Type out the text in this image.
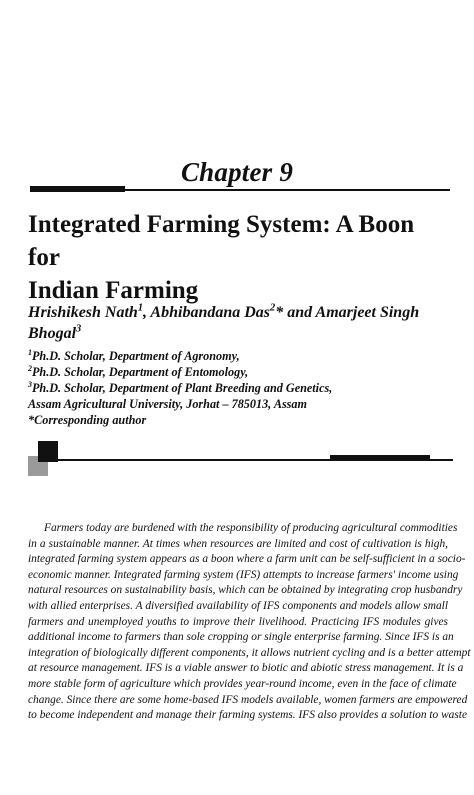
Chapter 9
Integrated Farming System: A Boon for
Indian Farming
Hrishikesh Nath$^1$, Abhibandana Das$^2$* and Amarjeet Singh
Bhogal$^3$
$^1$Ph.D. Scholar, Department of Agronomy,
$^2$Ph.D. Scholar, Department of Entomology,
$^3$Ph.D. Scholar, Department of Plant Breeding and Genetics,
Assam Agricultural University, Jorhat – 785013, Assam
*Corresponding author
Farmers today are burdened with the responsibility of producing agricultural commodities
in a sustainable manner. At times when resources are limited and cost of cultivation is high,
integrated farming system appears as a boon where a farm unit can be self-sufficient in a socio-
economic manner. Integrated farming system (IFS) attempts to increase farmers' income using
natural resources on sustainability basis, which can be obtained by integrating crop husbandry
with allied enterprises. A diversified availability of IFS components and models allow small
farmers and unemployed youths to improve their livelihood. Practicing IFS modules gives
additional income to farmers than sole cropping or single enterprise farming. Since IFS is an
integration of biologically different components, it allows nutrient cycling and is a better attempt
at resource management. IFS is a viable answer to biotic and abiotic stress management. It is a
more stable form of agriculture which provides year-round income, even in the face of climate
change. Since there are some home-based IFS models available, women farmers are empowered
to become independent and manage their farming systems. IFS also provides a solution to waste
